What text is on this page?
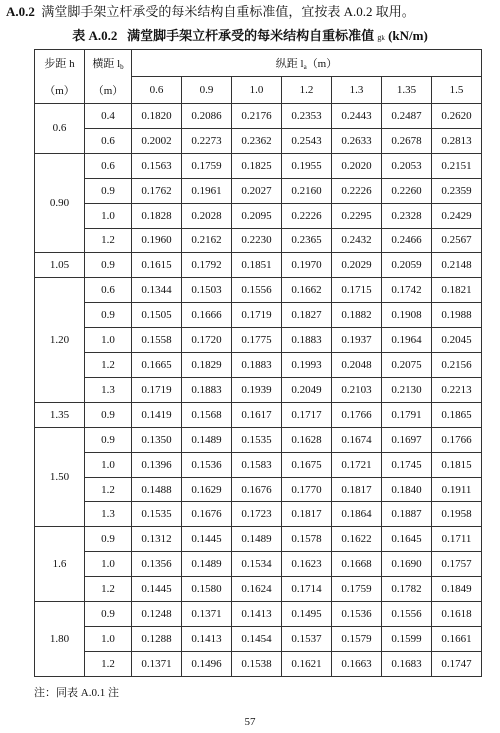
A.0.2 满堂脚手架立杆承受的每米结构自重标准值，宜按表 A.0.2 取用。
表 A.0.2 满堂脚手架立杆承受的每米结构自重标准值 gk (kN/m)
步距 h	横距 lb	纵距 la（m）						
（m）	（m）	0.6	0.9	1.0	1.2	1.3	1.35	1.5
0.6	0.4	0.1820	0.2086	0.2176	0.2353	0.2443	0.2487	0.2620
	0.6	0.2002	0.2273	0.2362	0.2543	0.2633	0.2678	0.2813
0.90	0.6	0.1563	0.1759	0.1825	0.1955	0.2020	0.2053	0.2151
	0.9	0.1762	0.1961	0.2027	0.2160	0.2226	0.2260	0.2359
	1.0	0.1828	0.2028	0.2095	0.2226	0.2295	0.2328	0.2429
	1.2	0.1960	0.2162	0.2230	0.2365	0.2432	0.2466	0.2567
1.05	0.9	0.1615	0.1792	0.1851	0.1970	0.2029	0.2059	0.2148
1.20	0.6	0.1344	0.1503	0.1556	0.1662	0.1715	0.1742	0.1821
	0.9	0.1505	0.1666	0.1719	0.1827	0.1882	0.1908	0.1988
	1.0	0.1558	0.1720	0.1775	0.1883	0.1937	0.1964	0.2045
	1.2	0.1665	0.1829	0.1883	0.1993	0.2048	0.2075	0.2156
	1.3	0.1719	0.1883	0.1939	0.2049	0.2103	0.2130	0.2213
1.35	0.9	0.1419	0.1568	0.1617	0.1717	0.1766	0.1791	0.1865
1.50	0.9	0.1350	0.1489	0.1535	0.1628	0.1674	0.1697	0.1766
	1.0	0.1396	0.1536	0.1583	0.1675	0.1721	0.1745	0.1815
	1.2	0.1488	0.1629	0.1676	0.1770	0.1817	0.1840	0.1911
	1.3	0.1535	0.1676	0.1723	0.1817	0.1864	0.1887	0.1958
1.6	0.9	0.1312	0.1445	0.1489	0.1578	0.1622	0.1645	0.1711
	1.0	0.1356	0.1489	0.1534	0.1623	0.1668	0.1690	0.1757
	1.2	0.1445	0.1580	0.1624	0.1714	0.1759	0.1782	0.1849
1.80	0.9	0.1248	0.1371	0.1413	0.1495	0.1536	0.1556	0.1618
	1.0	0.1288	0.1413	0.1454	0.1537	0.1579	0.1599	0.1661
	1.2	0.1371	0.1496	0.1538	0.1621	0.1663	0.1683	0.1747
注：同表 A.0.1 注
57
